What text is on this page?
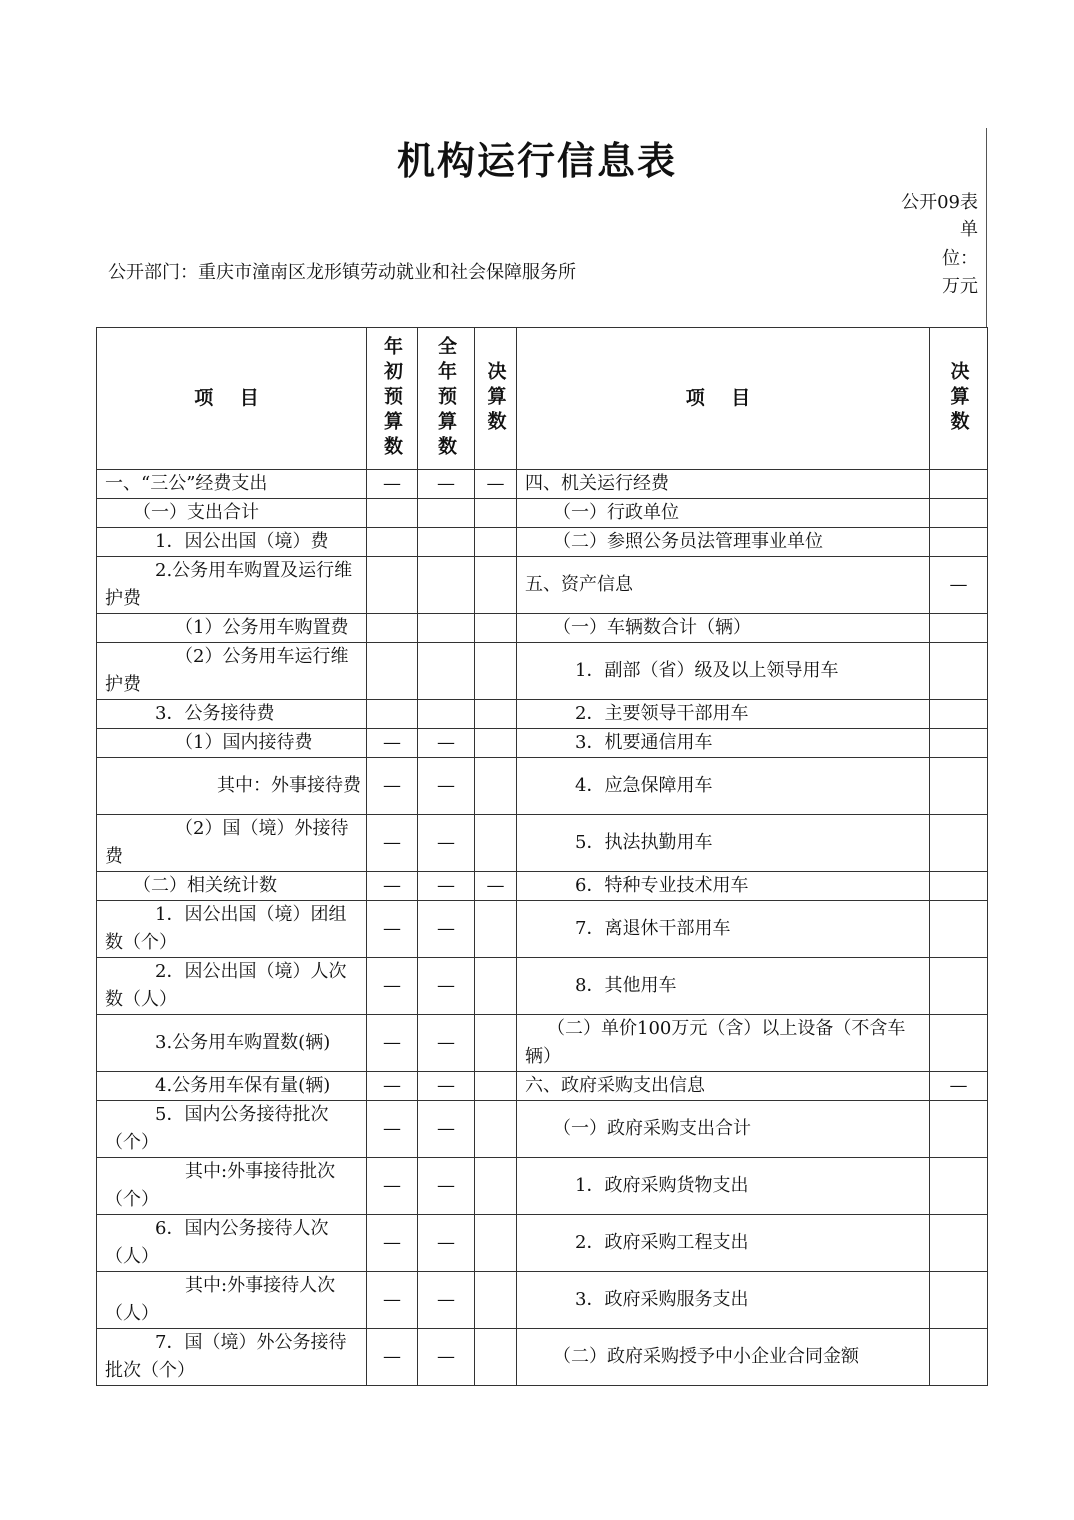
机构运行信息表
公开09表
单位：万元
公开部门：重庆市潼南区龙形镇劳动就业和社会保障服务所
项 目	年初预算数	全年预算数	决算数	项 目	决算数

一、“三公”经费支出	—	—	—	四、机关运行经费	
（一）支出合计				（一）行政单位	
1．因公出国（境）费				（二）参照公务员法管理事业单位	
2.公务用车购置及运行维护费				五、资产信息	—
（1）公务用车购置费				（一）车辆数合计（辆）	
（2）公务用车运行维护费				1．副部（省）级及以上领导用车	
3．公务接待费				2．主要领导干部用车	
（1）国内接待费	—	—		3．机要通信用车	
其中：外事接待费	—	—		4．应急保障用车	
（2）国（境）外接待费	—	—		5．执法执勤用车	
（二）相关统计数	—	—	—	6．特种专业技术用车	
1．因公出国（境）团组数（个）	—	—		7．离退休干部用车	
2．因公出国（境）人次数（人）	—	—		8．其他用车	
3.公务用车购置数(辆)	—	—		（二）单价100万元（含）以上设备（不含车辆）	
4.公务用车保有量(辆)	—	—		六、政府采购支出信息	—
5．国内公务接待批次（个）	—	—		（一）政府采购支出合计	
其中:外事接待批次（个）	—	—		1．政府采购货物支出	
6．国内公务接待人次（人）	—	—		2．政府采购工程支出	
其中:外事接待人次（人）	—	—		3．政府采购服务支出	
7．国（境）外公务接待批次（个）	—	—		（二）政府采购授予中小企业合同金额	
